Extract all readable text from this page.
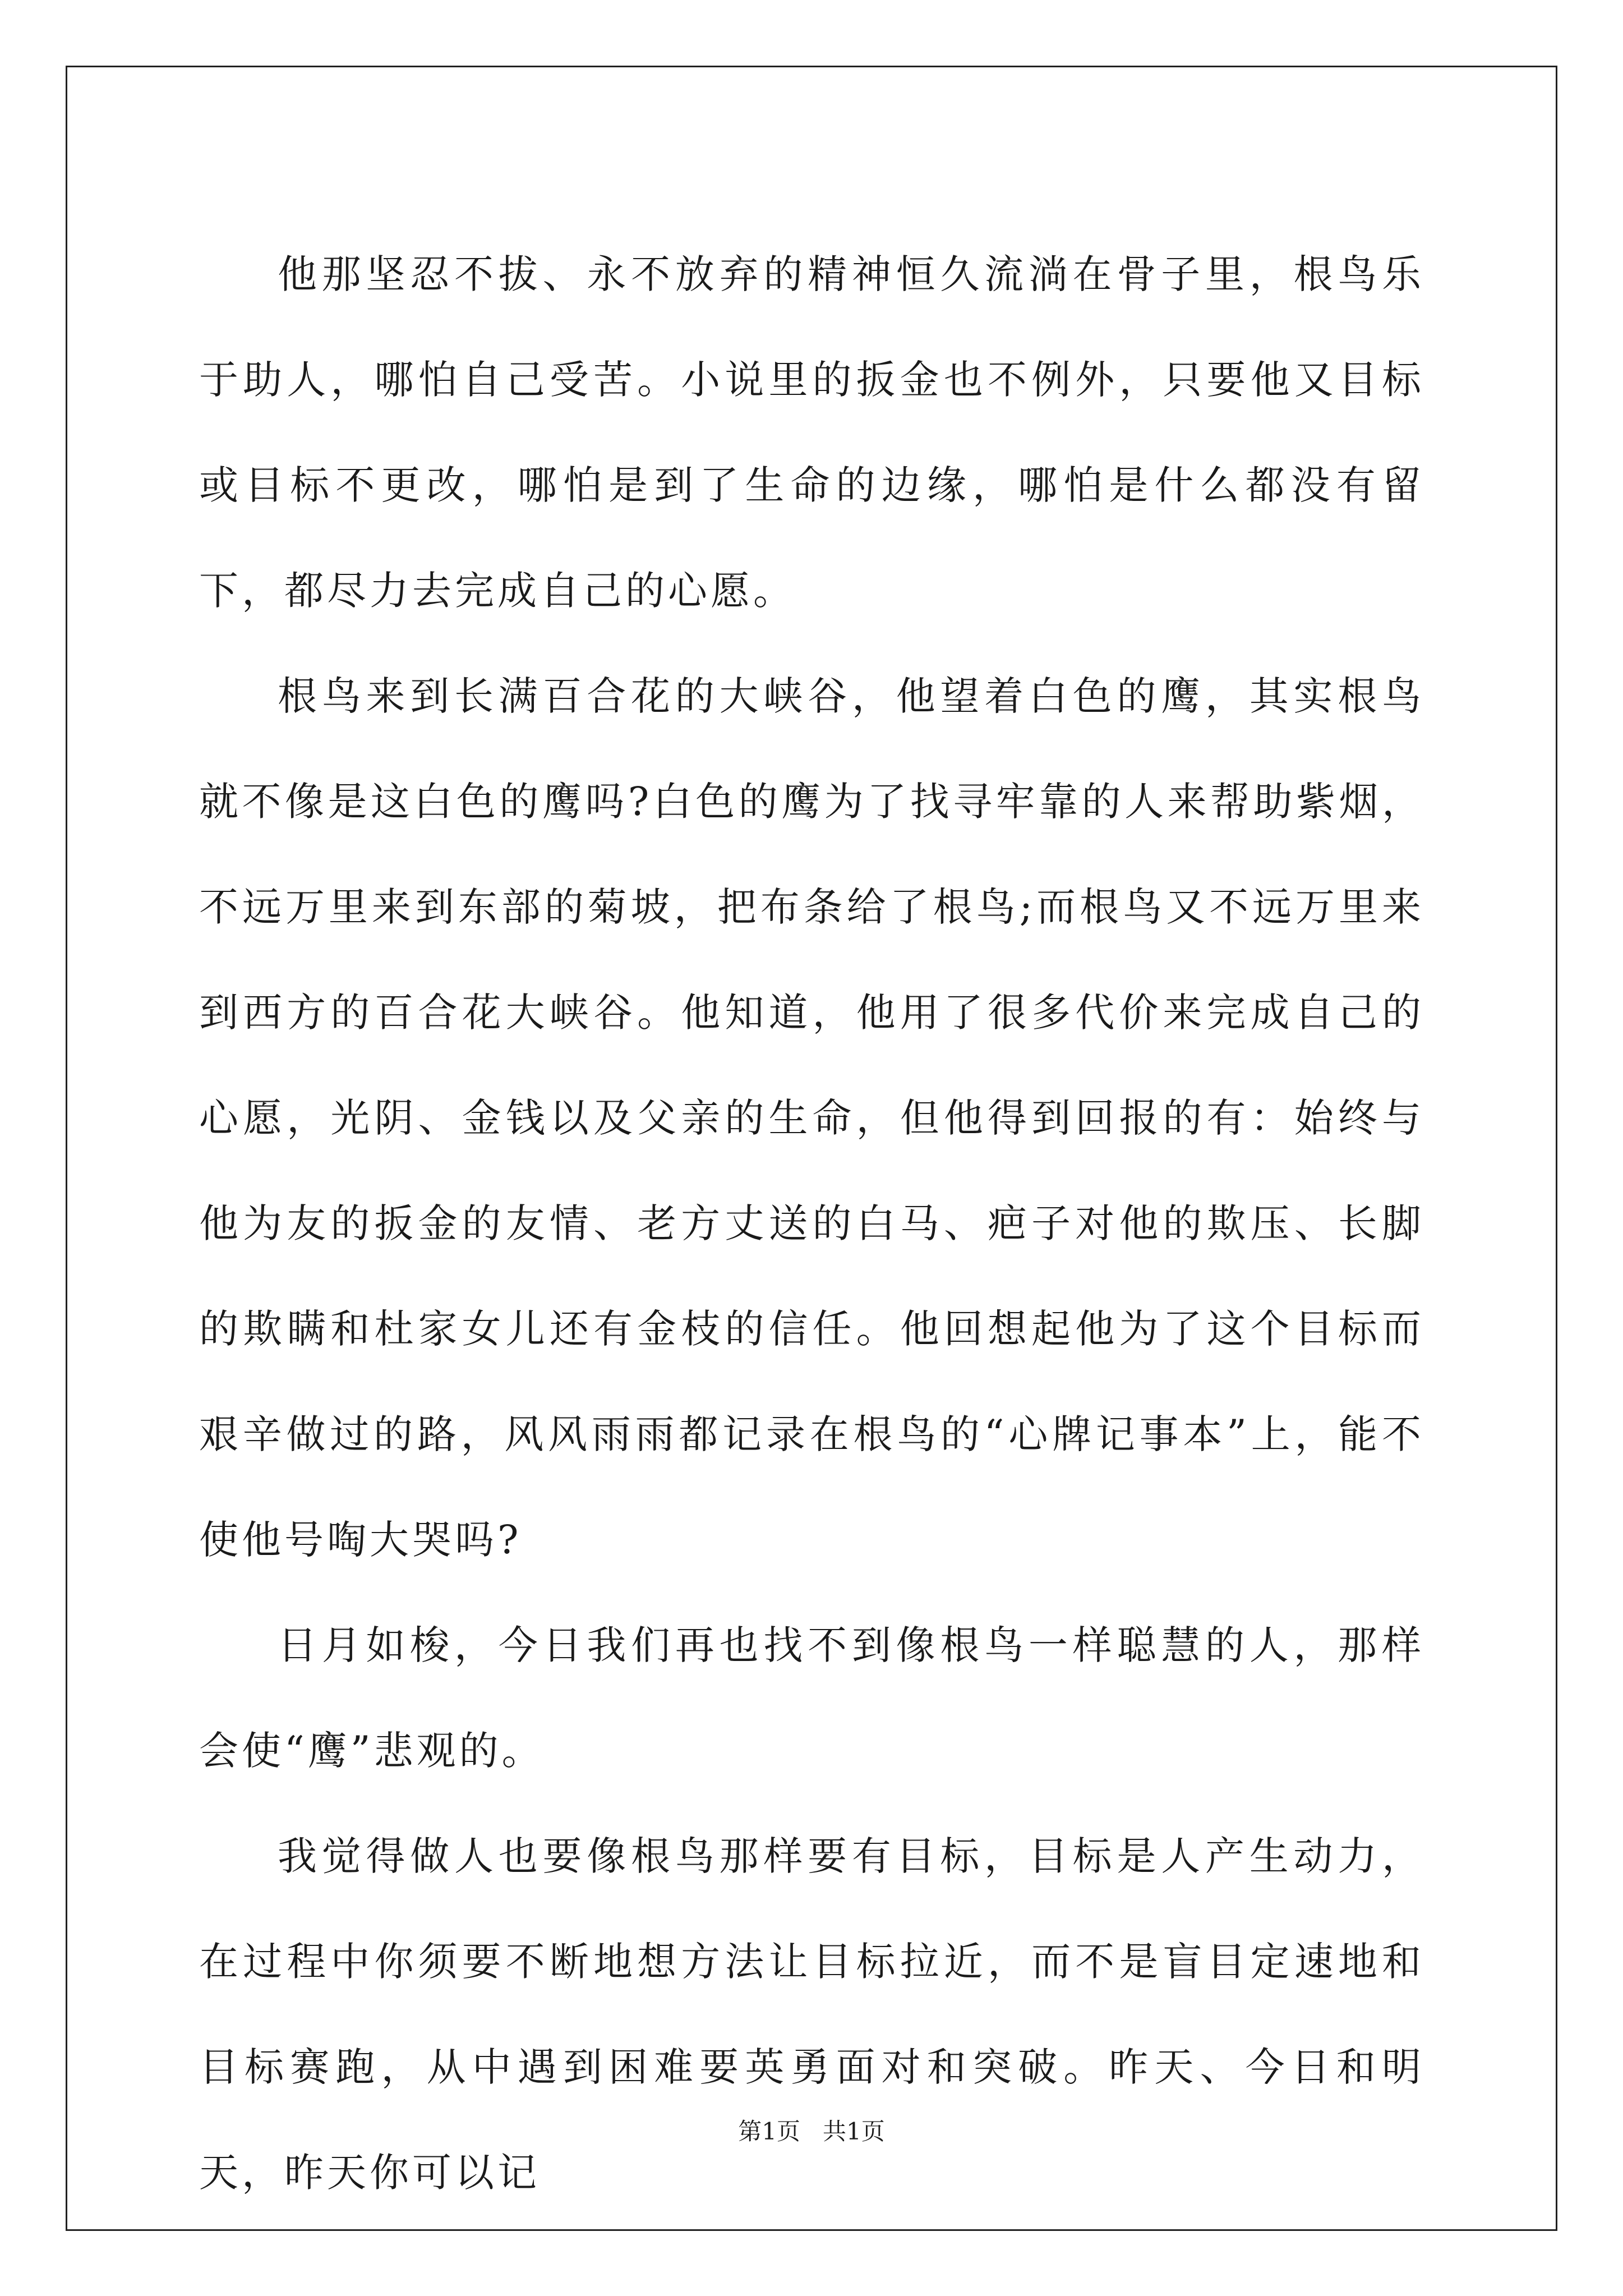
他那坚忍不拔、永不放弃的精神恒久流淌在骨子里，根鸟乐于助人，哪怕自己受苦。小说里的扳金也不例外，只要他又目标或目标不更改，哪怕是到了生命的边缘，哪怕是什么都没有留下，都尽力去完成自己的心愿。

根鸟来到长满百合花的大峡谷，他望着白色的鹰，其实根鸟就不像是这白色的鹰吗?白色的鹰为了找寻牢靠的人来帮助紫烟，不远万里来到东部的菊坡，把布条给了根鸟;而根鸟又不远万里来到西方的百合花大峡谷。他知道，他用了很多代价来完成自己的心愿，光阴、金钱以及父亲的生命，但他得到回报的有：始终与他为友的扳金的友情、老方丈送的白马、疤子对他的欺压、长脚的欺瞒和杜家女儿还有金枝的信任。他回想起他为了这个目标而艰辛做过的路，风风雨雨都记录在根鸟的“心牌记事本”上，能不使他号啕大哭吗?

日月如梭，今日我们再也找不到像根鸟一样聪慧的人，那样会使“鹰”悲观的。

我觉得做人也要像根鸟那样要有目标，目标是人产生动力，在过程中你须要不断地想方法让目标拉近，而不是盲目定速地和目标赛跑，从中遇到困难要英勇面对和突破。昨天、今日和明天，昨天你可以记

第1页 共1页
